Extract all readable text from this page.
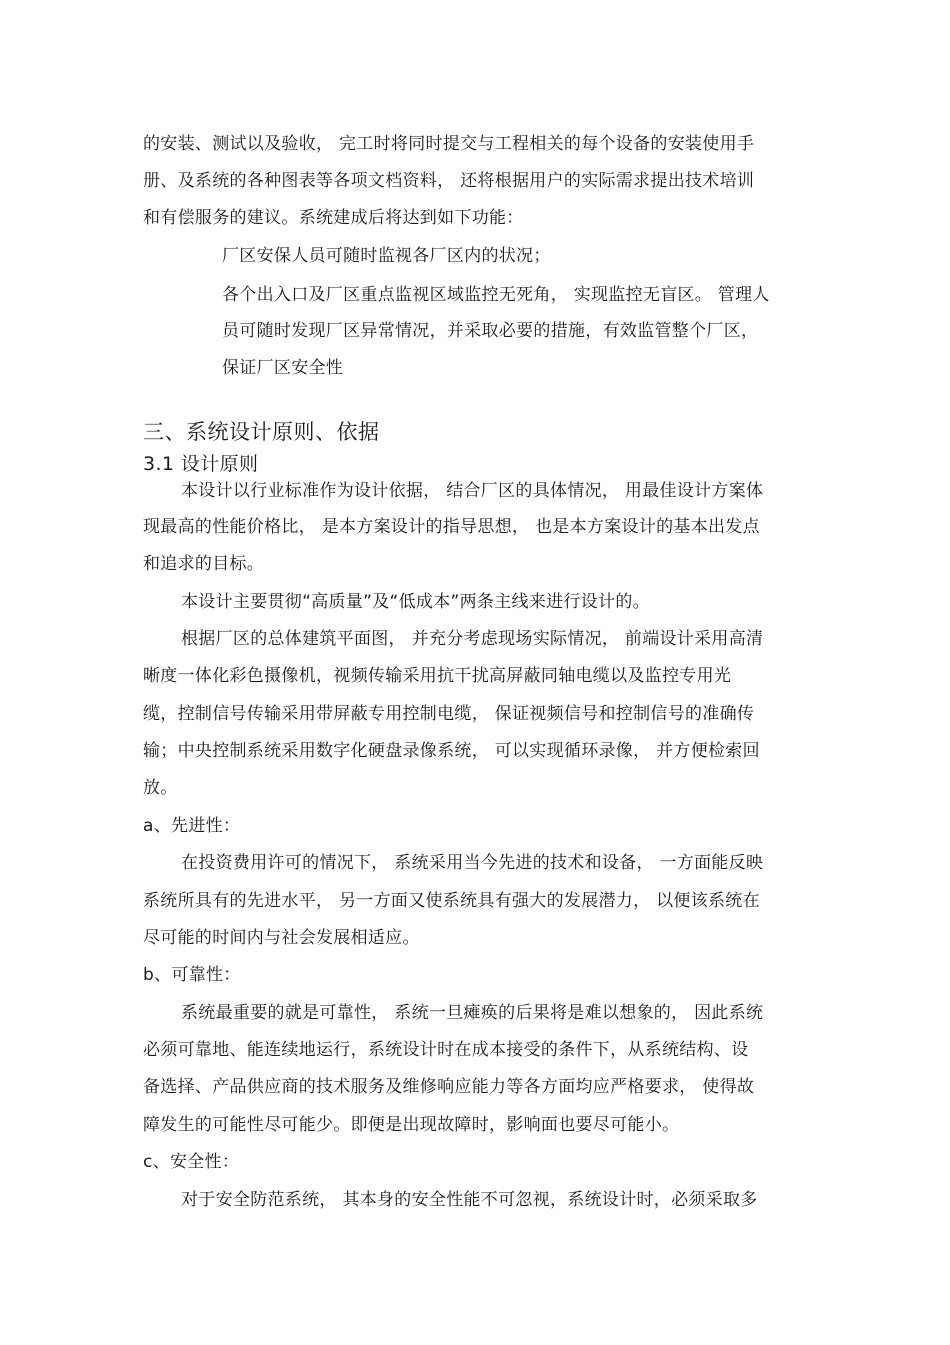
的安装、测试以及验收， 完工时将同时提交与工程相关的每个设备的安装使用手
册、及系统的各种图表等各项文档资料， 还将根据用户的实际需求提出技术培训
和有偿服务的建议。系统建成后将达到如下功能：
厂区安保人员可随时监视各厂区内的状况；
各个出入口及厂区重点监视区域监控无死角， 实现监控无盲区。 管理人
员可随时发现厂区异常情况，并采取必要的措施，有效监管整个厂区，
保证厂区安全性
三、系统设计原则、依据
3.1 设计原则
本设计以行业标准作为设计依据， 结合厂区的具体情况， 用最佳设计方案体
现最高的性能价格比， 是本方案设计的指导思想， 也是本方案设计的基本出发点
和追求的目标。
本设计主要贯彻“高质量”及“低成本”两条主线来进行设计的。
根据厂区的总体建筑平面图， 并充分考虑现场实际情况， 前端设计采用高清
晰度一体化彩色摄像机，视频传输采用抗干扰高屏蔽同轴电缆以及监控专用光
缆，控制信号传输采用带屏蔽专用控制电缆， 保证视频信号和控制信号的准确传
输；中央控制系统采用数字化硬盘录像系统， 可以实现循环录像， 并方便检索回
放。
a、先进性：
在投资费用许可的情况下， 系统采用当今先进的技术和设备， 一方面能反映
系统所具有的先进水平， 另一方面又使系统具有强大的发展潜力， 以便该系统在
尽可能的时间内与社会发展相适应。
b、可靠性：
系统最重要的就是可靠性， 系统一旦瘫痪的后果将是难以想象的， 因此系统
必须可靠地、能连续地运行，系统设计时在成本接受的条件下，从系统结构、设
备选择、产品供应商的技术服务及维修响应能力等各方面均应严格要求， 使得故
障发生的可能性尽可能少。即便是出现故障时，影响面也要尽可能小。
c、安全性：
对于安全防范系统， 其本身的安全性能不可忽视，系统设计时，必须采取多
